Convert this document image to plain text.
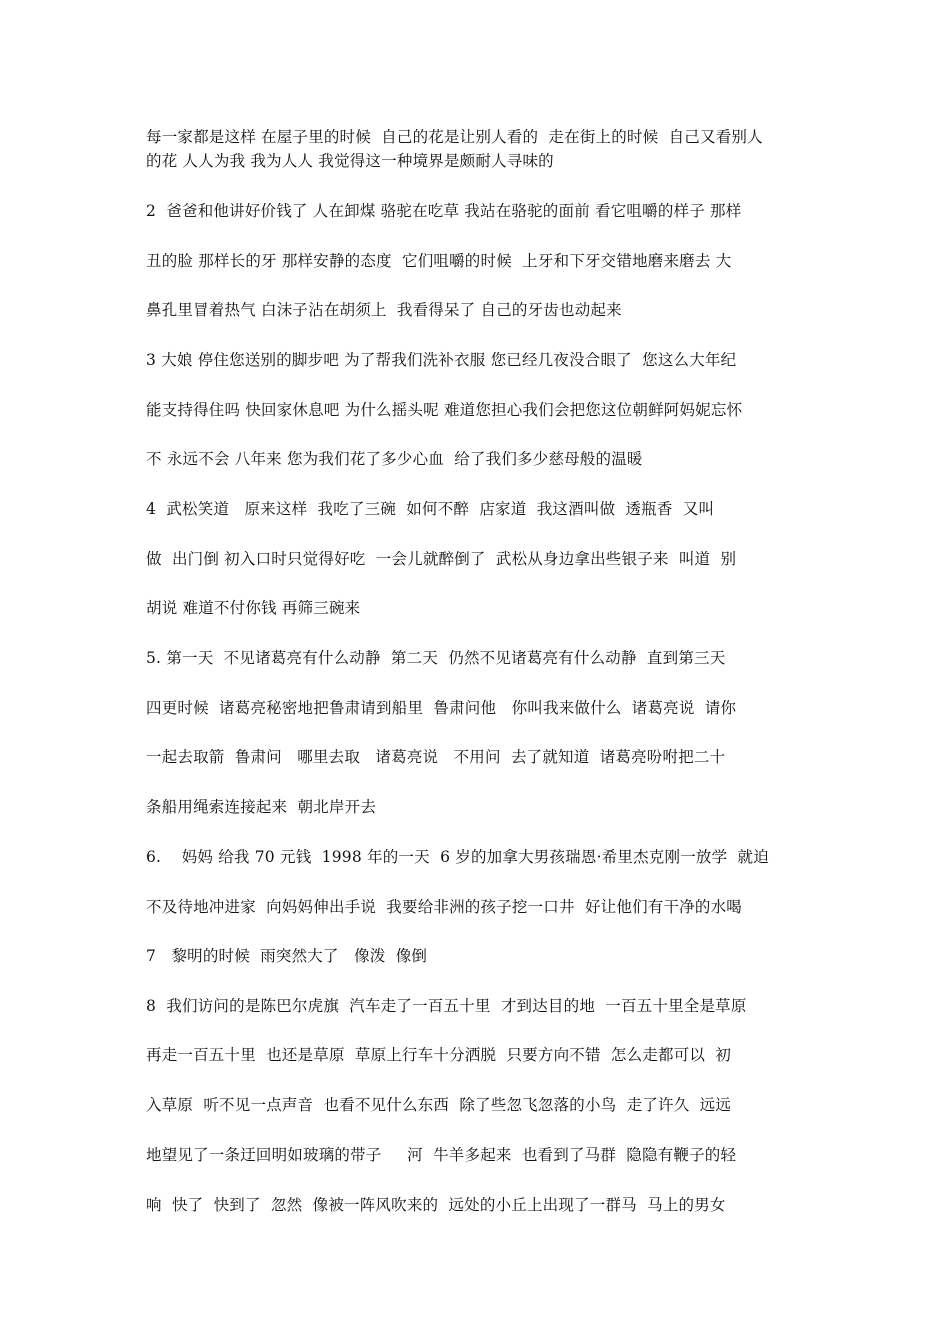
每一家都是这样 在屋子里的时候  自己的花是让别人看的  走在街上的时候  自己又看别人
的花 人人为我 我为人人 我觉得这一种境界是颇耐人寻味的
2  爸爸和他讲好价钱了 人在卸煤 骆驼在吃草 我站在骆驼的面前 看它咀嚼的样子 那样
丑的脸 那样长的牙 那样安静的态度  它们咀嚼的时候  上牙和下牙交错地磨来磨去 大
鼻孔里冒着热气 白沫子沾在胡须上  我看得呆了 自己的牙齿也动起来
3 大娘 停住您送别的脚步吧 为了帮我们洗补衣服 您已经几夜没合眼了  您这么大年纪
能支持得住吗 快回家休息吧 为什么摇头呢 难道您担心我们会把您这位朝鲜阿妈妮忘怀
不 永远不会 八年来 您为我们花了多少心血  给了我们多少慈母般的温暖
4  武松笑道   原来这样  我吃了三碗  如何不醉  店家道  我这酒叫做  透瓶香  又叫
做  出门倒 初入口时只觉得好吃  一会儿就醉倒了  武松从身边拿出些银子来  叫道  别
胡说 难道不付你钱 再筛三碗来
5. 第一天  不见诸葛亮有什么动静  第二天  仍然不见诸葛亮有什么动静  直到第三天
四更时候  诸葛亮秘密地把鲁肃请到船里  鲁肃问他   你叫我来做什么  诸葛亮说  请你
一起去取箭  鲁肃问   哪里去取   诸葛亮说   不用问  去了就知道  诸葛亮吩咐把二十
条船用绳索连接起来  朝北岸开去
6.    妈妈 给我 70 元钱  1998 年的一天  6 岁的加拿大男孩瑞恩·希里杰克刚一放学  就迫
不及待地冲进家  向妈妈伸出手说  我要给非洲的孩子挖一口井  好让他们有干净的水喝
7   黎明的时候  雨突然大了   像泼  像倒
8  我们访问的是陈巴尔虎旗  汽车走了一百五十里  才到达目的地  一百五十里全是草原
再走一百五十里  也还是草原  草原上行车十分洒脱  只要方向不错  怎么走都可以  初
入草原  听不见一点声音  也看不见什么东西  除了些忽飞忽落的小鸟  走了许久  远远
地望见了一条迂回明如玻璃的带子     河  牛羊多起来  也看到了马群  隐隐有鞭子的轻
响  快了  快到了  忽然  像被一阵风吹来的  远处的小丘上出现了一群马  马上的男女
